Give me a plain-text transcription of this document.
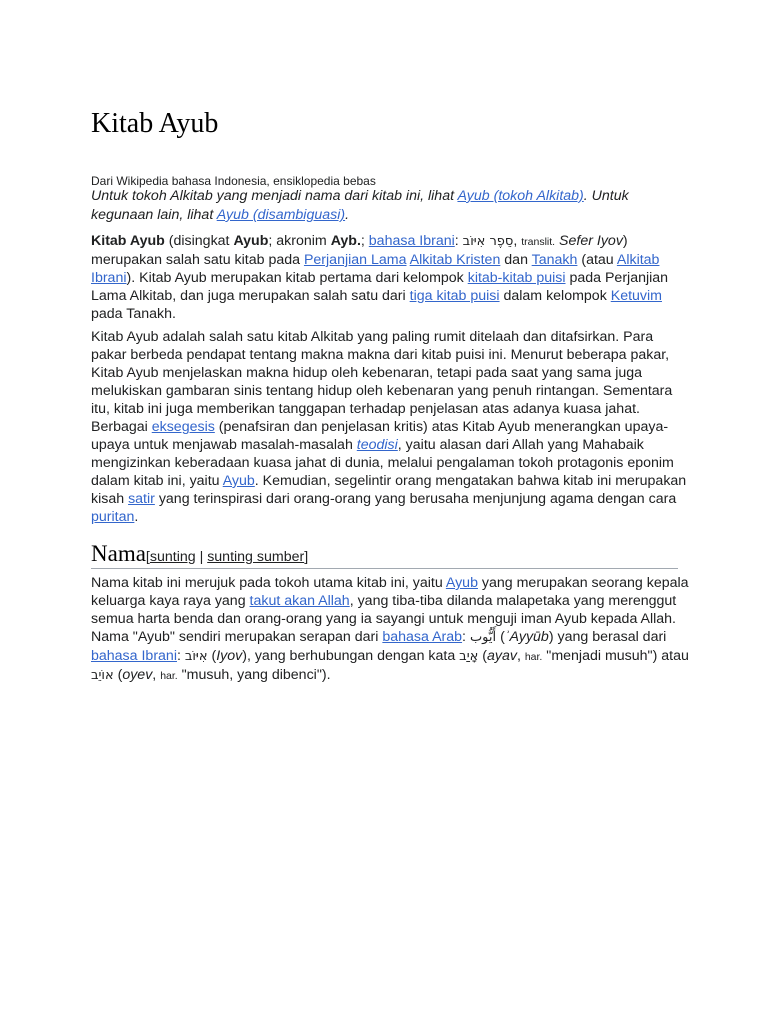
Kitab Ayub
Dari Wikipedia bahasa Indonesia, ensiklopedia bebas
Untuk tokoh Alkitab yang menjadi nama dari kitab ini, lihat Ayub (tokoh Alkitab). Untuk kegunaan lain, lihat Ayub (disambiguasi).

Kitab Ayub (disingkat Ayub; akronim Ayb.; bahasa Ibrani: סֵפֶר אִיּוֹב, translit. Sefer Iyov) merupakan salah satu kitab pada Perjanjian Lama Alkitab Kristen dan Tanakh (atau Alkitab Ibrani). Kitab Ayub merupakan kitab pertama dari kelompok kitab-kitab puisi pada Perjanjian Lama Alkitab, dan juga merupakan salah satu dari tiga kitab puisi dalam kelompok Ketuvim pada Tanakh.

Kitab Ayub adalah salah satu kitab Alkitab yang paling rumit ditelaah dan ditafsirkan. Para pakar berbeda pendapat tentang makna makna dari kitab puisi ini. Menurut beberapa pakar, Kitab Ayub menjelaskan makna hidup oleh kebenaran, tetapi pada saat yang sama juga melukiskan gambaran sinis tentang hidup oleh kebenaran yang penuh rintangan. Sementara itu, kitab ini juga memberikan tanggapan terhadap penjelasan atas adanya kuasa jahat. Berbagai eksegesis (penafsiran dan penjelasan kritis) atas Kitab Ayub menerangkan upaya-upaya untuk menjawab masalah-masalah teodisi, yaitu alasan dari Allah yang Mahabaik mengizinkan keberadaan kuasa jahat di dunia, melalui pengalaman tokoh protagonis eponim dalam kitab ini, yaitu Ayub. Kemudian, segelintir orang mengatakan bahwa kitab ini merupakan kisah satir yang terinspirasi dari orang-orang yang berusaha menjunjung agama dengan cara puritan.

Nama[sunting | sunting sumber]

Nama kitab ini merujuk pada tokoh utama kitab ini, yaitu Ayub yang merupakan seorang kepala keluarga kaya raya yang takut akan Allah, yang tiba-tiba dilanda malapetaka yang merenggut semua harta benda dan orang-orang yang ia sayangi untuk menguji iman Ayub kepada Allah. Nama "Ayub" sendiri merupakan serapan dari bahasa Arab: أَيُّوب (ʾAyyūb) yang berasal dari bahasa Ibrani: אִיּוֹב (Iyov), yang berhubungan dengan kata אָיַב (ayav, har. "menjadi musuh") atau אוֹיֵב (oyev, har. "musuh, yang dibenci").
